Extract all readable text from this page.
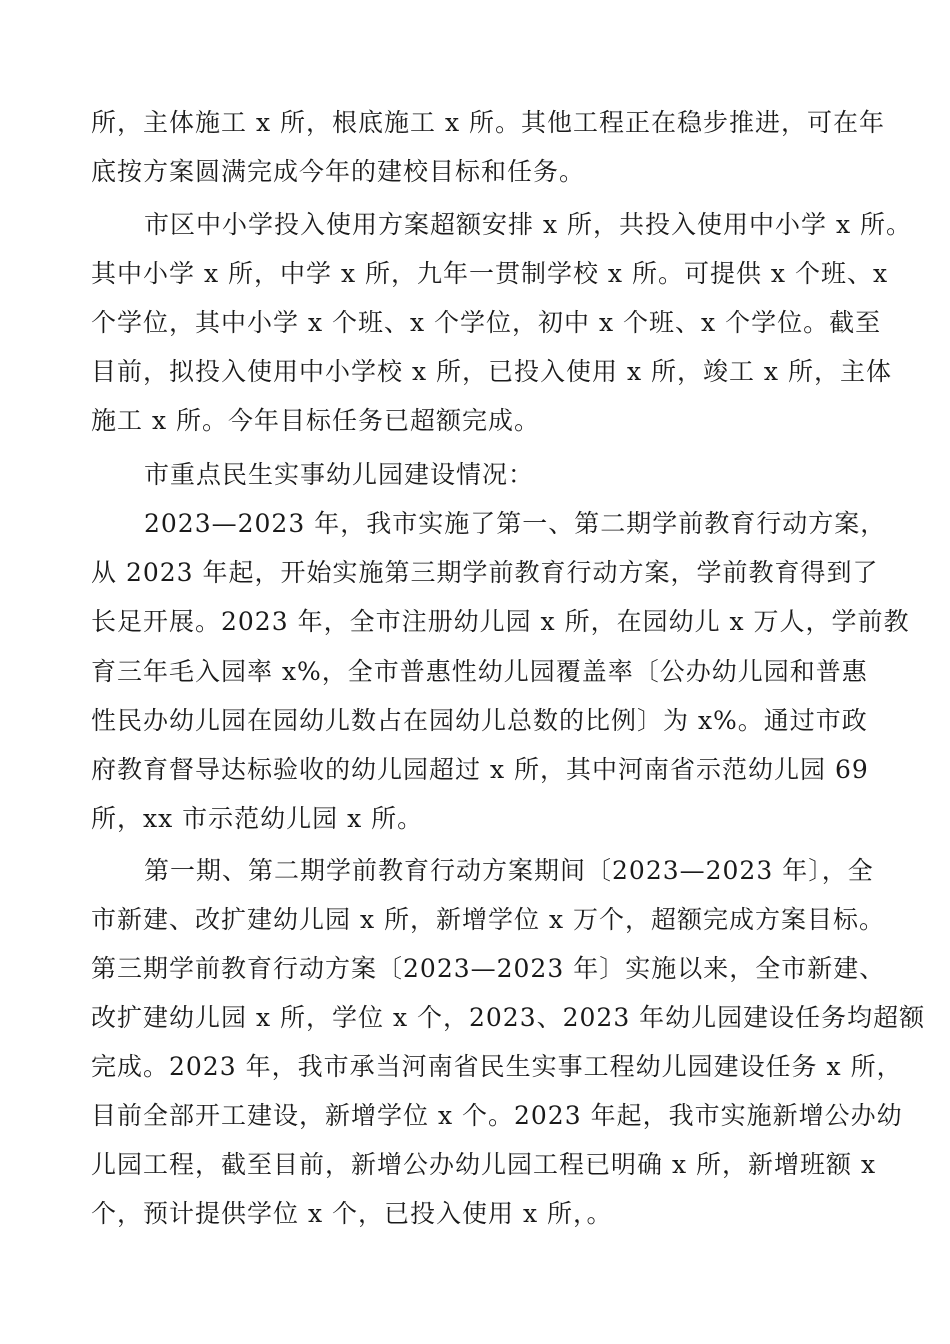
所，主体施工 x 所，根底施工 x 所。其他工程正在稳步推进，可在年
底按方案圆满完成今年的建校目标和任务。
市区中小学投入使用方案超额安排 x 所，共投入使用中小学 x 所。
其中小学 x 所，中学 x 所，九年一贯制学校 x 所。可提供 x 个班、x
个学位，其中小学 x 个班、x 个学位，初中 x 个班、x 个学位。截至
目前，拟投入使用中小学校 x 所，已投入使用 x 所，竣工 x 所，主体
施工 x 所。今年目标任务已超额完成。
市重点民生实事幼儿园建设情况：
2023—2023 年，我市实施了第一、第二期学前教育行动方案，
从 2023 年起，开始实施第三期学前教育行动方案，学前教育得到了
长足开展。2023 年，全市注册幼儿园 x 所，在园幼儿 x 万人，学前教
育三年毛入园率 x%，全市普惠性幼儿园覆盖率〔公办幼儿园和普惠
性民办幼儿园在园幼儿数占在园幼儿总数的比例〕为 x%。通过市政
府教育督导达标验收的幼儿园超过 x 所，其中河南省示范幼儿园 69
所，xx 市示范幼儿园 x 所。
第一期、第二期学前教育行动方案期间〔2023—2023 年〕，全
市新建、改扩建幼儿园 x 所，新增学位 x 万个，超额完成方案目标。
第三期学前教育行动方案〔2023—2023 年〕实施以来，全市新建、
改扩建幼儿园 x 所，学位 x 个，2023、2023 年幼儿园建设任务均超额
完成。2023 年，我市承当河南省民生实事工程幼儿园建设任务 x 所，
目前全部开工建设，新增学位 x 个。2023 年起，我市实施新增公办幼
儿园工程，截至目前，新增公办幼儿园工程已明确 x 所，新增班额 x
个，预计提供学位 x 个，已投入使用 x 所，。
